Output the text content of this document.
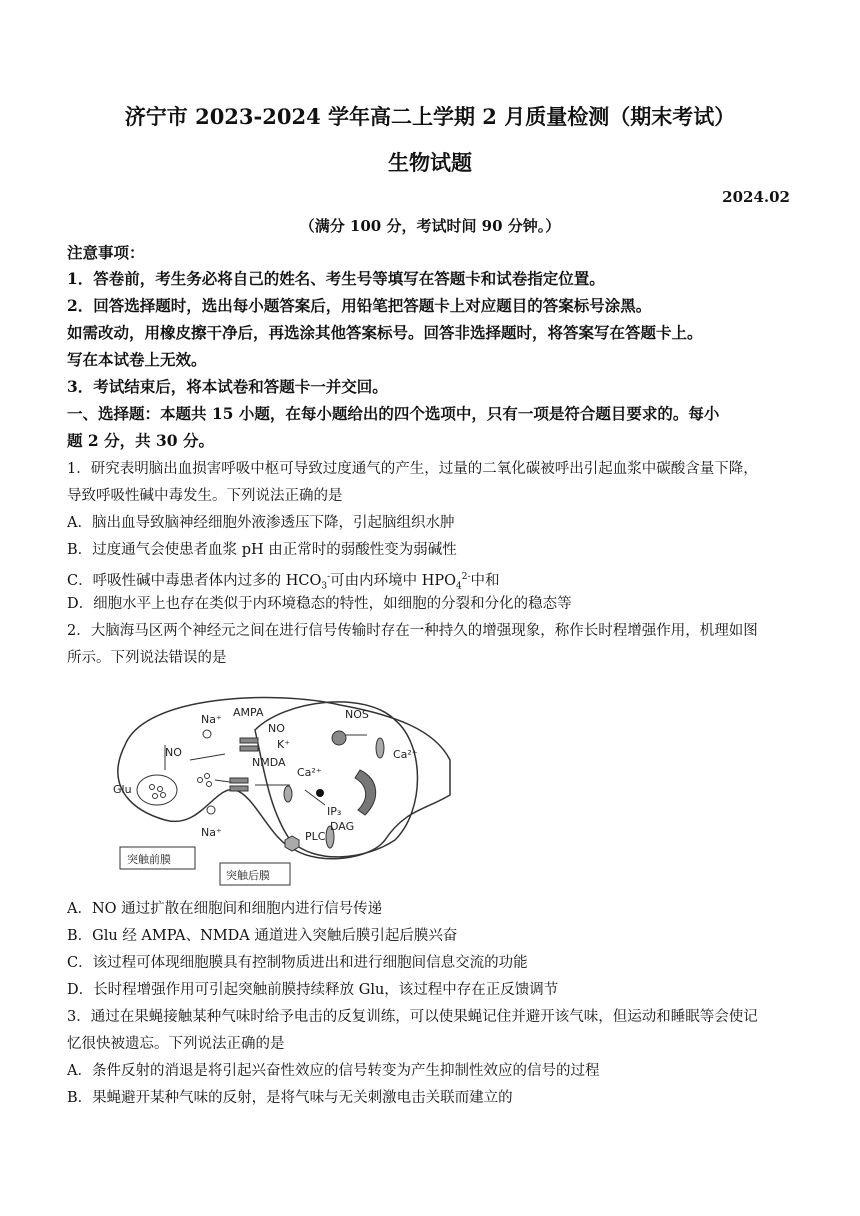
济宁市 2023-2024 学年高二上学期 2 月质量检测（期末考试）
生物试题
2024.02
（满分 100 分，考试时间 90 分钟。）
注意事项：
1．答卷前，考生务必将自己的姓名、考生号等填写在答题卡和试卷指定位置。
2．回答选择题时，选出每小题答案后，用铅笔把答题卡上对应题目的答案标号涂黑。
如需改动，用橡皮擦干净后，再选涂其他答案标号。回答非选择题时，将答案写在答题卡上。
写在本试卷上无效。
3．考试结束后，将本试卷和答题卡一并交回。
一、选择题：本题共 15 小题，在每小题给出的四个选项中，只有一项是符合题目要求的。每小
题 2 分，共 30 分。
1．研究表明脑出血损害呼吸中枢可导致过度通气的产生，过量的二氧化碳被呼出引起血浆中碳酸含量下降，
导致呼吸性碱中毒发生。下列说法正确的是
A．脑出血导致脑神经细胞外液渗透压下降，引起脑组织水肿
B．过度通气会使患者血浆 pH 由正常时的弱酸性变为弱碱性
C．呼吸性碱中毒患者体内过多的 $HCO_3^-$可由内环境中 $HPO_4^{2-}$中和
D．细胞水平上也存在类似于内环境稳态的特性，如细胞的分裂和分化的稳态等
2．大脑海马区两个神经元之间在进行信号传输时存在一种持久的增强现象，称作长时程增强作用，机理如图
所示。下列说法错误的是
AMPA	NOS
NO
NO
Na⁺
K⁺
NMDA
Ca²⁺
Ca²⁺
Glu
IP₃
Na⁺	PLC
DAG
突触前膜
突触后膜
A．NO 通过扩散在细胞间和细胞内进行信号传递
B．Glu 经 AMPA、NMDA 通道进入突触后膜引起后膜兴奋
C．该过程可体现细胞膜具有控制物质进出和进行细胞间信息交流的功能
D．长时程增强作用可引起突触前膜持续释放 Glu，该过程中存在正反馈调节
3．通过在果蝇接触某种气味时给予电击的反复训练，可以使果蝇记住并避开该气味，但运动和睡眠等会使记
忆很快被遗忘。下列说法正确的是
A．条件反射的消退是将引起兴奋性效应的信号转变为产生抑制性效应的信号的过程
B．果蝇避开某种气味的反射，是将气味与无关刺激电击关联而建立的
